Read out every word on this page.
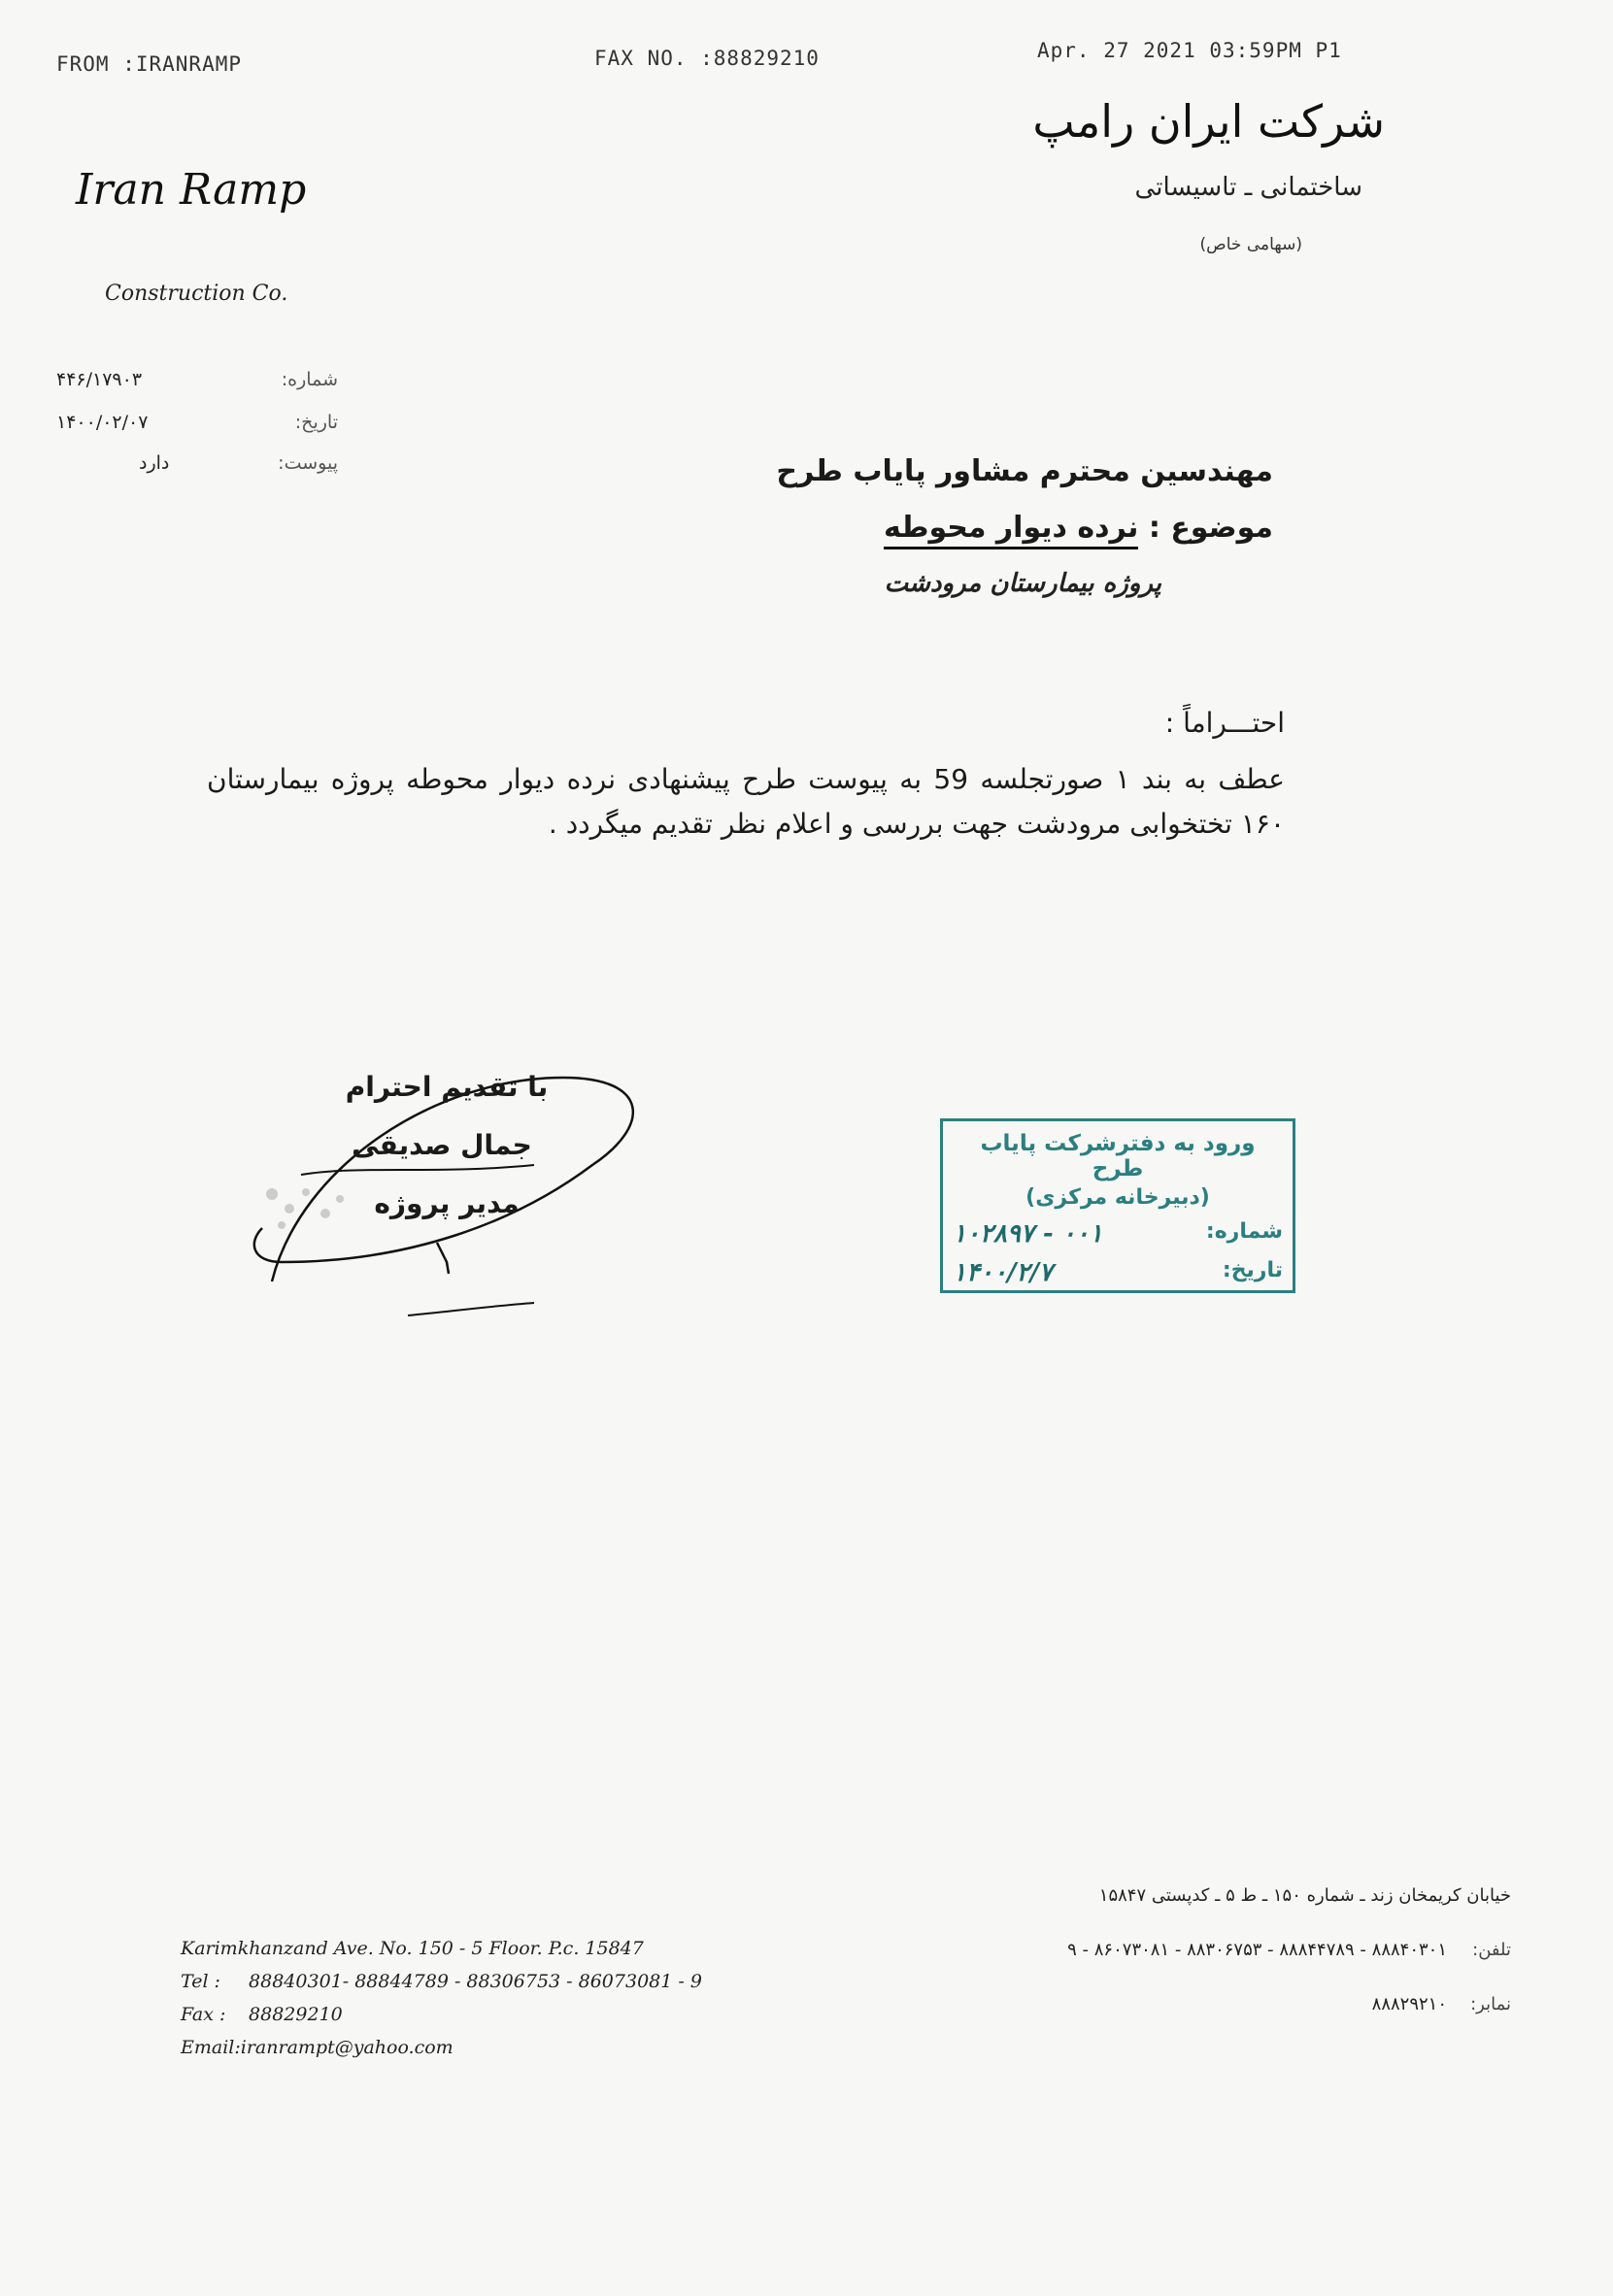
FROM :IRANRAMP	FAX NO. :88829210	Apr. 27 2021 03:59PM P1
Iran Ramp
Construction Co.
شرکت ایران رامپ
ساختمانی ـ تاسیساتی
(سهامی خاص)
۴۴۶/۱۷۹۰۳	شماره:
۱۴۰۰/۰۲/۰۷	تاریخ:
دارد	پیوست:	مهندسین محترم مشاور پایاب طرح
موضوع : نرده دیوار محوطه
پروژه بیمارستان مرودشت
احتـــراماً :
عطف به بند ۱ صورتجلسه 59 به پیوست طرح پیشنهادی نرده دیوار محوطه پروژه بیمارستان ۱۶۰ تختخوابی مرودشت جهت بررسی و اعلام نظر تقدیم میگردد .
با تقدیم احترام
جمال صدیقی
مدیر پروژه
ورود به دفترشرکت پایاب طرح
(دبیرخانه مرکزی)
شماره:
۱۰۲۸۹۷ - ۰۰۱
تاریخ:
۱۴۰۰/۲/۷
Karimkhanzand Ave. No. 150 - 5 Floor. P.c. 15847
Tel : 88840301- 88844789 - 88306753 - 86073081 - 9
Fax : 88829210
Email:iranrampt@yahoo.com
خیابان کریمخان زند ـ شماره ۱۵۰ ـ ط ۵ ـ کدپستی ۱۵۸۴۷
تلفن:
۸۸۸۴۰۳۰۱ - ۸۸۸۴۴۷۸۹ - ۸۸۳۰۶۷۵۳ - ۸۶۰۷۳۰۸۱ - ۹
نمابر:
۸۸۸۲۹۲۱۰
